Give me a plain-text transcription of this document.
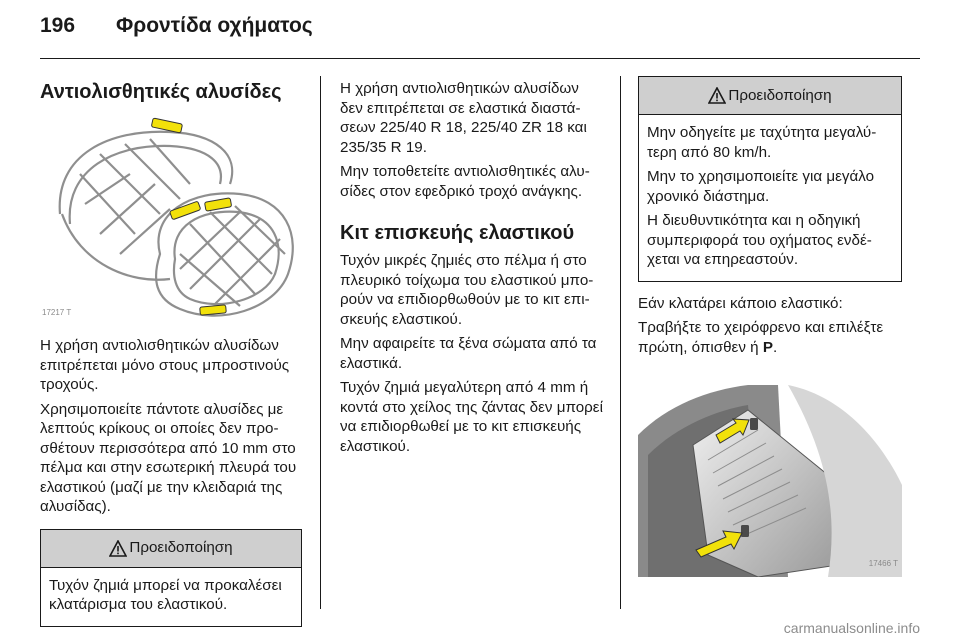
196 Φροντίδα οχήματος
Αντιολισθητικές αλυσίδες
17217 T

Η χρήση αντιολισθητικών αλυσίδων επιτρέπεται μόνο στους μπροστινούς τροχούς.

Χρησιμοποιείτε πάντοτε αλυσίδες με λεπτούς κρίκους οι οποίες δεν προσθέτουν περισσότερα από 10 mm στο πέλμα και στην εσωτερική πλευρά του ελαστικού (μαζί με την κλειδαριά της αλυσίδας).

Προειδοποίηση

Τυχόν ζημιά μπορεί να προκαλέσει κλατάρισμα του ελαστικού.

Η χρήση αντιολισθητικών αλυσίδων δεν επιτρέπεται σε ελαστικά διαστάσεων 225/40 R 18, 225/40 ZR 18 και 235/35 R 19.

Μην τοποθετείτε αντιολισθητικές αλυσίδες στον εφεδρικό τροχό ανάγκης.

Κιτ επισκευής ελαστικού

Τυχόν μικρές ζημιές στο πέλμα ή στο πλευρικό τοίχωμα του ελαστικού μπορούν να επιδιορθωθούν με το κιτ επισκευής ελαστικού.

Μην αφαιρείτε τα ξένα σώματα από τα ελαστικά.

Τυχόν ζημιά μεγαλύτερη από 4 mm ή κοντά στο χείλος της ζάντας δεν μπορεί να επιδιορθωθεί με το κιτ επισκευής ελαστικού.

Προειδοποίηση

Μην οδηγείτε με ταχύτητα μεγαλύτερη από 80 km/h.

Μην το χρησιμοποιείτε για μεγάλο χρονικό διάστημα.

Η διευθυντικότητα και η οδηγική συμπεριφορά του οχήματος ενδέχεται να επηρεαστούν.

Εάν κλατάρει κάποιο ελαστικό:

Τραβήξτε το χειρόφρενο και επιλέξτε πρώτη, όπισθεν ή P.

17466 T
carmanualsonline.info
